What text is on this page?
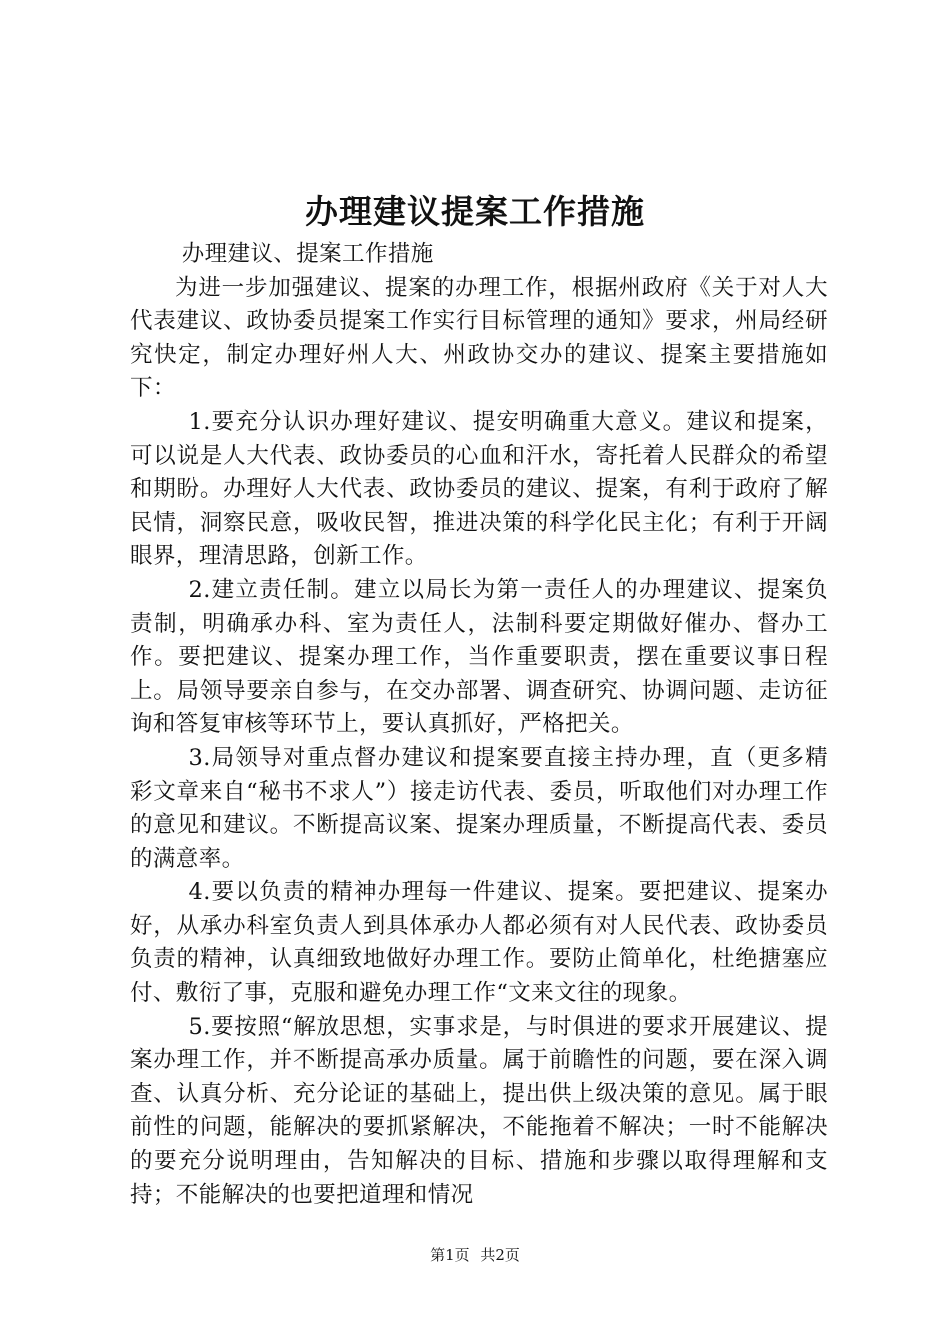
办理建议提案工作措施

办理建议、提案工作措施

为进一步加强建议、提案的办理工作，根据州政府《关于对人大代表建议、政协委员提案工作实行目标管理的通知》要求，州局经研究快定，制定办理好州人大、州政协交办的建议、提案主要措施如下：

1.要充分认识办理好建议、提安明确重大意义。建议和提案，可以说是人大代表、政协委员的心血和汗水，寄托着人民群众的希望和期盼。办理好人大代表、政协委员的建议、提案，有利于政府了解民情，洞察民意，吸收民智，推进决策的科学化民主化；有利于开阔眼界，理清思路，创新工作。

2.建立责任制。建立以局长为第一责任人的办理建议、提案负责制，明确承办科、室为责任人，法制科要定期做好催办、督办工作。要把建议、提案办理工作，当作重要职责，摆在重要议事日程上。局领导要亲自参与，在交办部署、调查研究、协调问题、走访征询和答复审核等环节上，要认真抓好，严格把关。

3.局领导对重点督办建议和提案要直接主持办理，直（更多精彩文章来自“秘书不求人”）接走访代表、委员，听取他们对办理工作的意见和建议。不断提高议案、提案办理质量，不断提高代表、委员的满意率。

4.要以负责的精神办理每一件建议、提案。要把建议、提案办好，从承办科室负责人到具体承办人都必须有对人民代表、政协委员负责的精神，认真细致地做好办理工作。要防止简单化，杜绝搪塞应付、敷衍了事，克服和避免办理工作“文来文往的现象。

5.要按照“解放思想，实事求是，与时俱进的要求开展建议、提案办理工作，并不断提高承办质量。属于前瞻性的问题，要在深入调查、认真分析、充分论证的基础上，提出供上级决策的意见。属于眼前性的问题，能解决的要抓紧解决，不能拖着不解决；一时不能解决的要充分说明理由，告知解决的目标、措施和步骤以取得理解和支持；不能解决的也要把道理和情况

第1页 共2页
